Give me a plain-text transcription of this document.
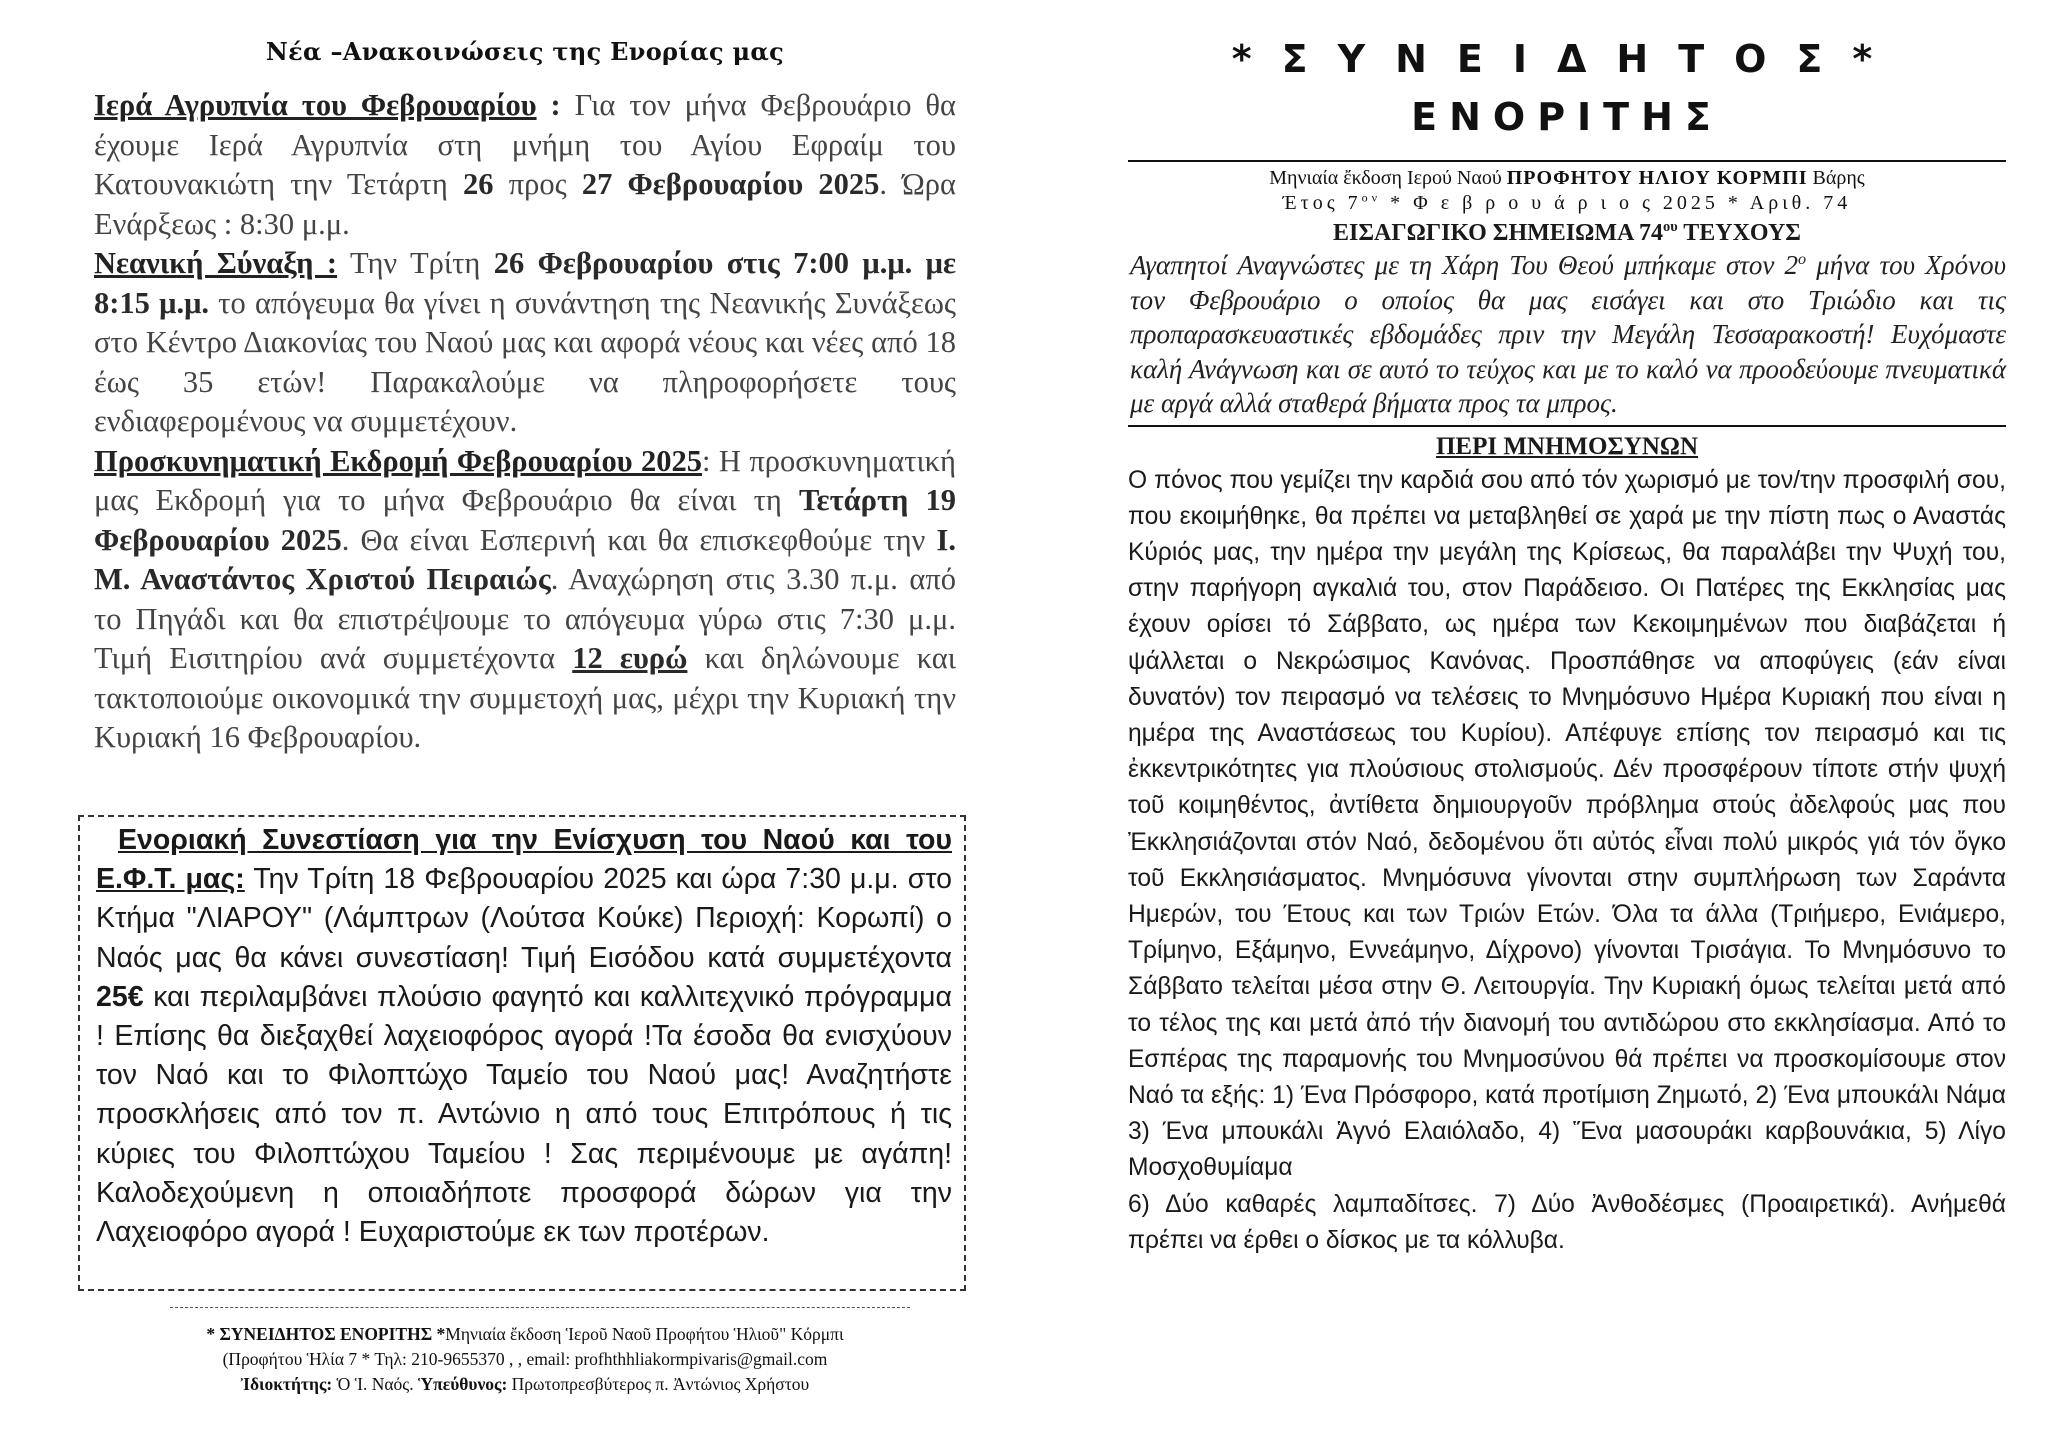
Νέα –Ανακοινώσεις της Ενορίας μας

Ιερά Αγρυπνία του Φεβρουαρίου : Για τον μήνα Φεβρουάριο θα έχουμε Ιερά Αγρυπνία στη μνήμη του Αγίου Εφραίμ του Κατουνακιώτη την Τετάρτη 26 προς 27 Φεβρουαρίου 2025. Ώρα Ενάρξεως : 8:30 μ.μ.

Νεανική Σύναξη : Την Τρίτη 26 Φεβρουαρίου στις 7:00 μ.μ. με 8:15 μ.μ. το απόγευμα θα γίνει η συνάντηση της Νεανικής Συνάξεως στο Κέντρο Διακονίας του Ναού μας και αφορά νέους και νέες από 18 έως 35 ετών! Παρακαλούμε να πληροφορήσετε τους ενδιαφερομένους να συμμετέχουν.

Προσκυνηματική Εκδρομή Φεβρουαρίου 2025: Η προσκυνηματική μας Εκδρομή για το μήνα Φεβρουάριο θα είναι τη Τετάρτη 19 Φεβρουαρίου 2025. Θα είναι Εσπερινή και θα επισκεφθούμε την Ι. Μ. Αναστάντος Χριστού Πειραιώς. Αναχώρηση στις 3.30 π.μ. από το Πηγάδι και θα επιστρέψουμε το απόγευμα γύρω στις 7:30 μ.μ. Τιμή Εισιτηρίου ανά συμμετέχοντα 12 ευρώ και δηλώνουμε και τακτοποιούμε οικονομικά την συμμετοχή μας, μέχρι την Κυριακή την Κυριακή 16 Φεβρουαρίου.

Ενοριακή Συνεστίαση για την Ενίσχυση του Ναού και του Ε.Φ.Τ. μας: Την Τρίτη 18 Φεβρουαρίου 2025 και ώρα 7:30 μ.μ. στο Κτήμα "ΛΙΑΡΟΥ" (Λάμπτρων (Λούτσα Κούκε) Περιοχή: Κορωπί) ο Ναός μας θα κάνει συνεστίαση! Τιμή Εισόδου κατά συμμετέχοντα 25€ και περιλαμβάνει πλούσιο φαγητό και καλλιτεχνικό πρόγραμμα ! Επίσης θα διεξαχθεί λαχειοφόρος αγορά !Τα έσοδα θα ενισχύουν τον Ναό και το Φιλοπτώχο Ταμείο του Ναού μας! Αναζητήστε προσκλήσεις από τον π. Αντώνιο η από τους Επιτρόπους ή τις κύριες του Φιλοπτώχου Ταμείου ! Σας περιμένουμε με αγάπη! Καλοδεχούμενη η οποιαδήποτε προσφορά δώρων για την Λαχειοφόρο αγορά ! Ευχαριστούμε εκ των προτέρων.
* ΣΥΝΕΙΔΗΤΟΣ ΕΝΟΡΙΤΗΣ *Μηνιαία ἔκδοση Ἱεροῦ Ναοῦ Προφήτου Ἡλιοῦ" Κόρμπι
(Προφήτου Ἡλία 7 * Τηλ: 210-9655370 , , email: profhthhliakormpivaris@gmail.com
Ἰδιοκτήτης: Ὁ Ἱ. Ναός. Ὑπεύθυνος: Πρωτοπρεσβύτερος π. Ἀντώνιος Χρήστου
*ΣΥΝΕΙΔΗΤΟΣ*
ΕΝΟΡΙΤΗΣ
Μηνιαία ἔκδοση Ιερού Ναού ΠΡΟΦΗΤΟΥ ΗΛΙΟΥ ΚΟΡΜΠΙ Βάρης
Έτος $7^{o\nu}$ * Φ ε β ρ ο υ ά ρ ι ο ς 2025 * Αριθ. 74
ΕΙΣΑΓΩΓΙΚΟ ΣΗΜΕΙΩΜΑ $74^{o\upsilon}$ ΤΕΥΧΟΥΣ
Αγαπητοί Αναγνώστες με τη Χάρη Του Θεού μπήκαμε στον $2^o$ μήνα του Χρόνου τον Φεβρουάριο ο οποίος θα μας εισάγει και στο Τριώδιο και τις προπαρασκευαστικές εβδομάδες πριν την Μεγάλη Τεσσαρακοστή! Ευχόμαστε καλή Ανάγνωση και σε αυτό το τεύχος και με το καλό να προοδεύουμε πνευματικά με αργά αλλά σταθερά βήματα προς τα μπρος.
ΠΕΡΙ ΜΝΗΜΟΣΥΝΩΝ
Ο πόνος που γεμίζει την καρδιά σου από τόν χωρισμό με τον/την προσφιλή σου, που εκοιμήθηκε, θα πρέπει να μεταβληθεί σε χαρά με την πίστη πως ο Αναστάς Κύριός μας, την ημέρα την μεγάλη της Κρίσεως, θα παραλάβει την Ψυχή του, στην παρήγορη αγκαλιά του, στον Παράδεισο. Οι Πατέρες της Εκκλησίας μας έχουν ορίσει τό Σάββατο, ως ημέρα των Κεκοιμημένων που διαβάζεται ή ψάλλεται ο Νεκρώσιμος Κανόνας. Προσπάθησε να αποφύγεις (εάν είναι δυνατόν) τον πειρασμό να τελέσεις το Μνημόσυνο Ημέρα Κυριακή που είναι η ημέρα της Αναστάσεως του Κυρίου). Απέφυγε επίσης τον πειρασμό και τις ἐκκεντρικότητες για πλούσιους στολισμούς. Δέν προσφέρουν τίποτε στήν ψυχή τοῦ κοιμηθέντος, ἀντίθετα δημιουργοῦν πρόβλημα στούς ἀδελφούς μας που Ἐκκλησιάζονται στόν Ναό, δεδομένου ὅτι αὐτός εἶναι πολύ μικρός γιά τόν ὄγκο τοῦ Εκκλησιάσματος. Μνημόσυνα γίνονται στην συμπλήρωση των Σαράντα Ημερών, του Έτους και των Τριών Ετών. Όλα τα άλλα (Τριήμερο, Ενιάμερο, Τρίμηνο, Εξάμηνο, Εννεάμηνο, Δίχρονο) γίνονται Τρισάγια. Το Μνημόσυνο το Σάββατο τελείται μέσα στην Θ. Λειτουργία. Την Κυριακή όμως τελείται μετά από το τέλος της και μετά ἀπό τήν διανομή του αντιδώρου στο εκκλησίασμα. Από το Εσπέρας της παραμονής του Μνημοσύνου θά πρέπει να προσκομίσουμε στον Ναό τα εξής: 1) Ένα Πρόσφορο, κατά προτίμιση Ζημωτό, 2) Ένα μπουκάλι Νάμα 3) Ένα μπουκάλι Ἁγνό Ελαιόλαδο, 4) Ἕνα μασουράκι καρβουνάκια, 5) Λίγο Μοσχοθυμίαμα
6) Δύο καθαρές λαμπαδίτσες. 7) Δύο Ἀνθοδέσμες (Προαιρετικά). Ανήμεθά πρέπει να έρθει ο δίσκος με τα κόλλυβα.
